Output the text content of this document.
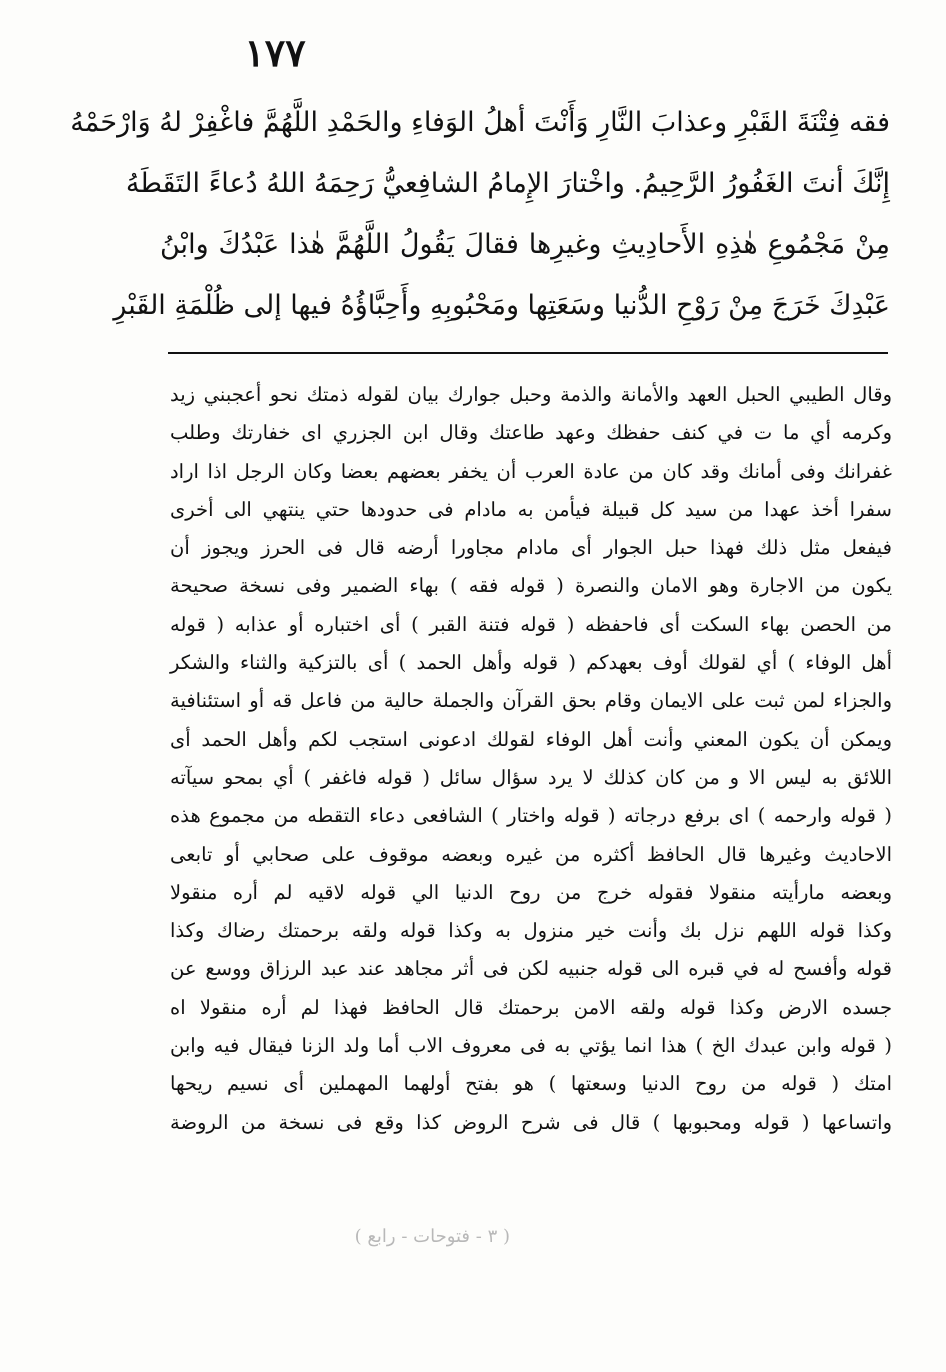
١٧٧
فقه فِتْنَةَ القَبْرِ وعذابَ النَّارِ وَأَنْتَ أهلُ الوَفاءِ والحَمْدِ اللَّهُمَّ فاغْفِرْ لهُ وَارْحَمْهُ
إِنَّكَ أنتَ الغَفُورُ الرَّحِيمُ. واخْتارَ الإِمامُ الشافِعيُّ رَحِمَهُ اللهُ دُعاءً التَقَطَهُ
مِنْ مَجْمُوعِ هٰذِهِ الأَحادِيثِ وغيرِها فقالَ يَقُولُ اللَّهُمَّ هٰذا عَبْدُكَ وابْنُ
عَبْدِكَ خَرَجَ مِنْ رَوْحِ الدُّنيا وسَعَتِها ومَحْبُوبِهِ وأَحِبَّاؤُهُ فيها إلى ظُلْمَةِ القَبْرِ
وقال الطيبي الحبل العهد والأمانة والذمة وحبل جوارك بيان لقوله ذمتك نحو أعجبني زيد
وكرمه أي ما ت في كنف حفظك وعهد طاعتك وقال ابن الجزري اى خفارتك وطلب
غفرانك وفى أمانك وقد كان من عادة العرب أن يخفر بعضهم بعضا وكان الرجل اذا اراد
سفرا أخذ عهدا من سيد كل قبيلة فيأمن به مادام فى حدودها حتي ينتهي الى أخرى
فيفعل مثل ذلك فهذا حبل الجوار أى مادام مجاورا أرضه قال فى الحرز ويجوز أن
يكون من الاجارة وهو الامان والنصرة ( قوله فقه ) بهاء الضمير وفى نسخة صحيحة
من الحصن بهاء السكت أى فاحفظه ( قوله فتنة القبر ) أى اختباره أو عذابه ( قوله
أهل الوفاء ) أي لقولك أوف بعهدكم ( قوله وأهل الحمد ) أى بالتزكية والثناء والشكر
والجزاء لمن ثبت على الايمان وقام بحق القرآن والجملة حالية من فاعل قه أو استئنافية
ويمكن أن يكون المعني وأنت أهل الوفاء لقولك ادعونى استجب لكم وأهل الحمد أى
اللائق به ليس الا و من كان كذلك لا يرد سؤال سائل ( قوله فاغفر ) أي بمحو سيآته
( قوله وارحمه ) اى برفع درجاته ( قوله واختار ) الشافعى دعاء التقطه من مجموع هذه
الاحاديث وغيرها قال الحافظ أكثره من غيره وبعضه موقوف على صحابي أو تابعى
وبعضه مارأيته منقولا فقوله خرج من روح الدنيا الي قوله لاقيه لم أره منقولا
وكذا قوله اللهم نزل بك وأنت خير منزول به وكذا قوله ولقه برحمتك رضاك وكذا
قوله وأفسح له في قبره الى قوله جنبيه لكن فى أثر مجاهد عند عبد الرزاق ووسع عن
جسده الارض وكذا قوله ولقه الامن برحمتك قال الحافظ فهذا لم أره منقولا اه
( قوله وابن عبدك الخ ) هذا انما يؤتي به فى معروف الاب أما ولد الزنا فيقال فيه وابن
امتك ( قوله من روح الدنيا وسعتها ) هو بفتح أولهما المهملين أى نسيم ريحها
واتساعها ( قوله ومحبوبها ) قال فى شرح الروض كذا وقع فى نسخة من الروضة
( ٣ - فتوحات - رابع )
